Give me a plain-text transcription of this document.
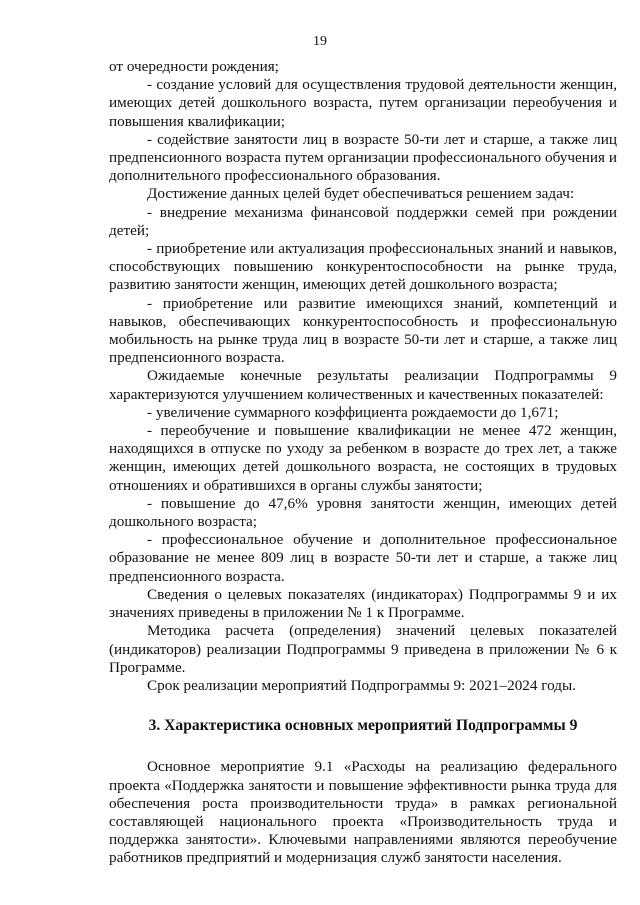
19

от очередности рождения;

- создание условий для осуществления трудовой деятельности женщин, имеющих детей дошкольного возраста, путем организации переобучения и повышения квалификации;

- содействие занятости лиц в возрасте 50-ти лет и старше, а также лиц предпенсионного возраста путем организации профессионального обучения и дополнительного профессионального образования.

Достижение данных целей будет обеспечиваться решением задач:

- внедрение механизма финансовой поддержки семей при рождении детей;

- приобретение или актуализация профессиональных знаний и навыков, способствующих повышению конкурентоспособности на рынке труда, развитию занятости женщин, имеющих детей дошкольного возраста;

- приобретение или развитие имеющихся знаний, компетенций и навыков, обеспечивающих конкурентоспособность и профессиональную мобильность на рынке труда лиц в возрасте 50-ти лет и старше, а также лиц предпенсионного возраста.

Ожидаемые конечные результаты реализации Подпрограммы 9 характеризуются улучшением количественных и качественных показателей:

- увеличение суммарного коэффициента рождаемости до 1,671;

- переобучение и повышение квалификации не менее 472 женщин, находящихся в отпуске по уходу за ребенком в возрасте до трех лет, а также женщин, имеющих детей дошкольного возраста, не состоящих в трудовых отношениях и обратившихся в органы службы занятости;

- повышение до 47,6% уровня занятости женщин, имеющих детей дошкольного возраста;

- профессиональное обучение и дополнительное профессиональное образование не менее 809 лиц в возрасте 50-ти лет и старше, а также лиц предпенсионного возраста.

Сведения о целевых показателях (индикаторах) Подпрограммы 9 и их значениях приведены в приложении № 1 к Программе.

Методика расчета (определения) значений целевых показателей (индикаторов) реализации Подпрограммы 9 приведена в приложении № 6 к Программе.

Срок реализации мероприятий Подпрограммы 9: 2021–2024 годы.

3. Характеристика основных мероприятий Подпрограммы 9

Основное мероприятие 9.1 «Расходы на реализацию федерального проекта «Поддержка занятости и повышение эффективности рынка труда для обеспечения роста производительности труда» в рамках региональной составляющей национального проекта «Производительность труда и поддержка занятости». Ключевыми направлениями являются переобучение работников предприятий и модернизация служб занятости населения.
